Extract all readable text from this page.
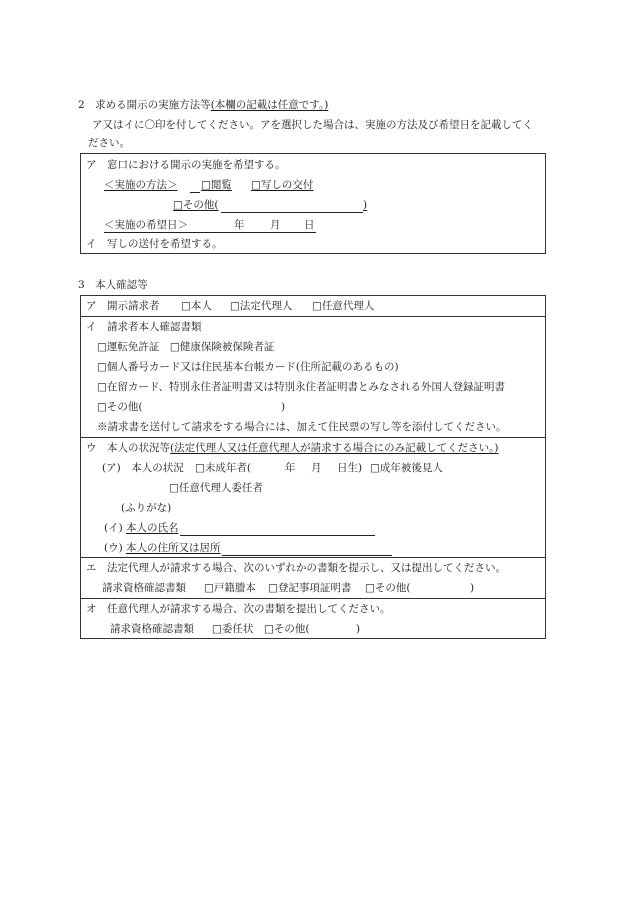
2　求める開示の実施方法等(本欄の記載は任意です。)
ア又はイに〇印を付してください。アを選択した場合は、実施の方法及び希望日を記載してく
ださい。
ア　窓口における開示の実施を希望する。
＜実施の方法＞ □閲覧 □写しの交付
□その他(	)
＜実施の希望日＞	年 月 日
イ　写しの送付を希望する。
3　本人確認等
ア　開示請求者 □本人 □法定代理人 □任意代理人
イ　請求者本人確認書類
□運転免許証　□健康保険被保険者証
□個人番号カード又は住民基本台帳カード(住所記載のあるもの)
□在留カード、特別永住者証明書又は特別永住者証明書とみなされる外国人登録証明書
□その他(	)
※請求書を送付して請求をする場合には、加えて住民票の写し等を添付してください。
ウ　本人の状況等(法定代理人又は任意代理人が請求する場合にのみ記載してください。)
(ア)　本人の状況 □未成年者(	年 月 日生) □成年被後見人
□任意代理人委任者
(ふりがな)
(イ) 本人の氏名
(ウ) 本人の住所又は居所
エ　法定代理人が請求する場合、次のいずれかの書類を提示し、又は提出してください。
請求資格確認書類 □戸籍謄本 □登記事項証明書 □その他(	)
オ　任意代理人が請求する場合、次の書類を提出してください。
請求資格確認書類 □委任状 □その他(	)
